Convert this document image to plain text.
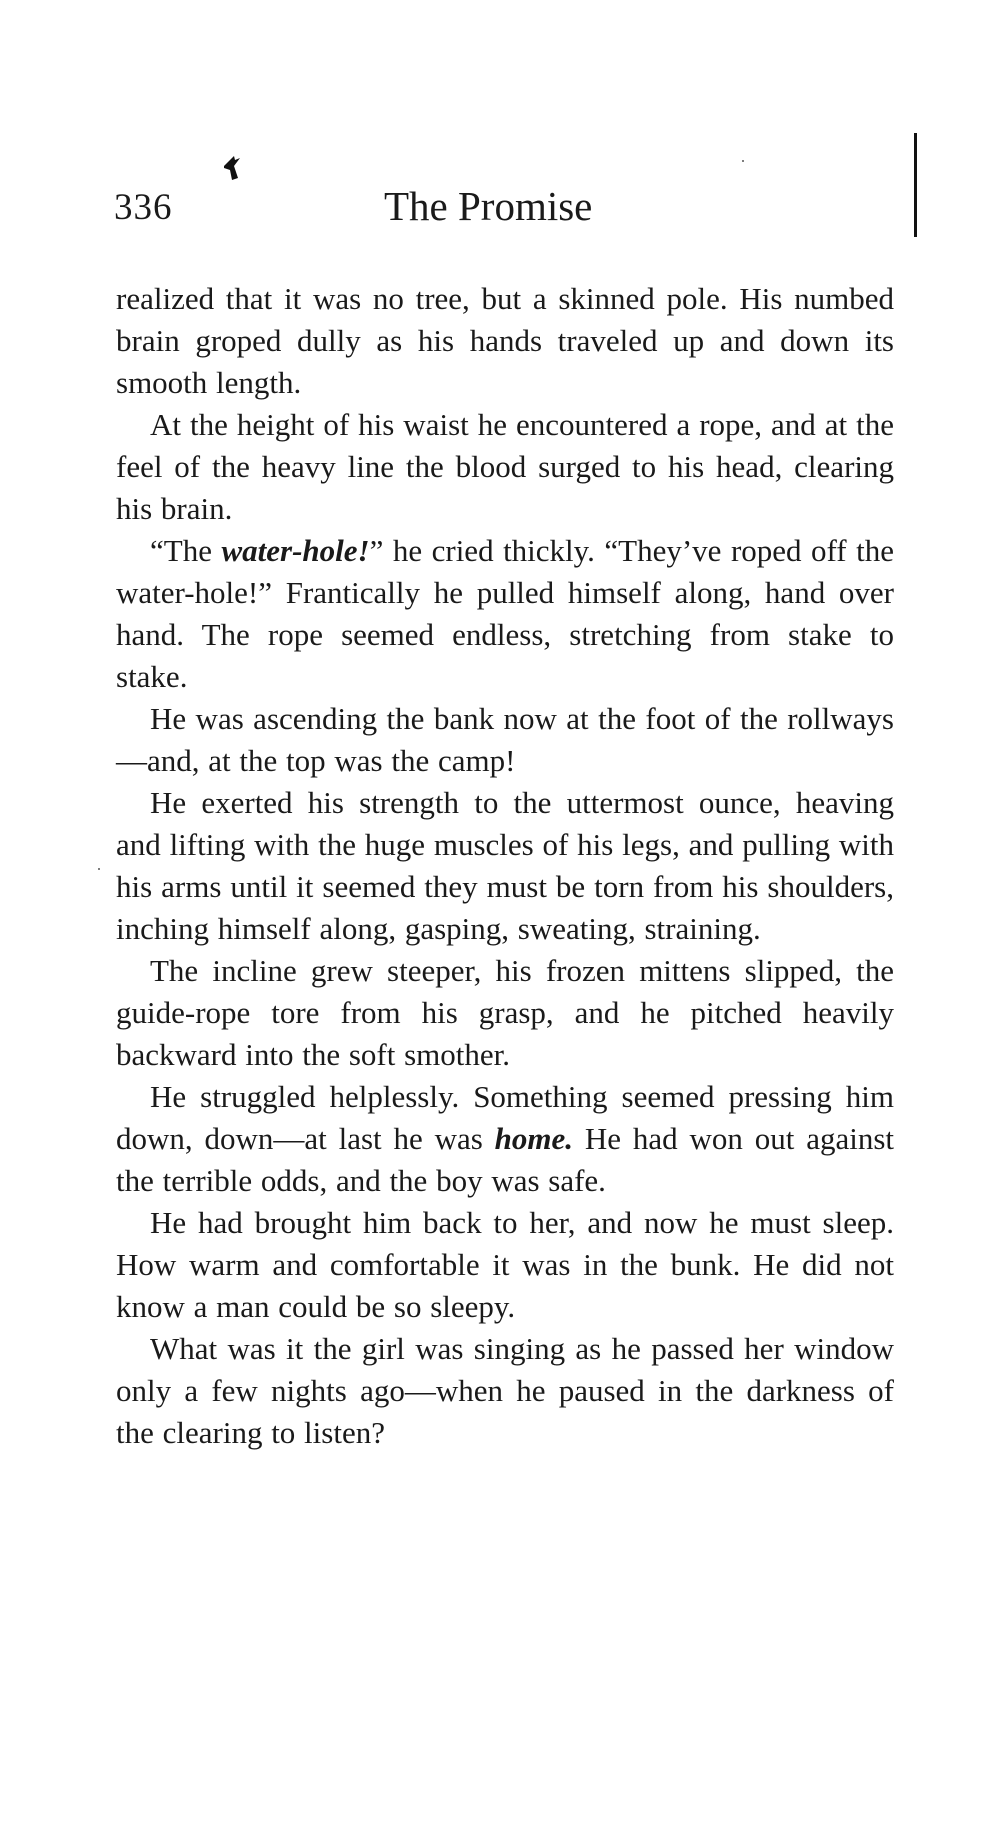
336	The Promise

realized that it was no tree, but a skinned pole. His numbed brain groped dully as his hands traveled up and down its smooth length.

At the height of his waist he encountered a rope, and at the feel of the heavy line the blood surged to his head, clearing his brain.

“The water-hole!” he cried thickly. “They’ve roped off the water-hole!” Frantically he pulled himself along, hand over hand. The rope seemed endless, stretching from stake to stake.

He was ascending the bank now at the foot of the rollways—and, at the top was the camp!

He exerted his strength to the uttermost ounce, heaving and lifting with the huge muscles of his legs, and pulling with his arms until it seemed they must be torn from his shoulders, inching himself along, gasping, sweating, straining.

The incline grew steeper, his frozen mittens slipped, the guide-rope tore from his grasp, and he pitched heavily backward into the soft smother.

He struggled helplessly. Something seemed pressing him down, down—at last he was home. He had won out against the terrible odds, and the boy was safe.

He had brought him back to her, and now he must sleep. How warm and comfortable it was in the bunk. He did not know a man could be so sleepy.

What was it the girl was singing as he passed her window only a few nights ago—when he paused in the darkness of the clearing to listen?
